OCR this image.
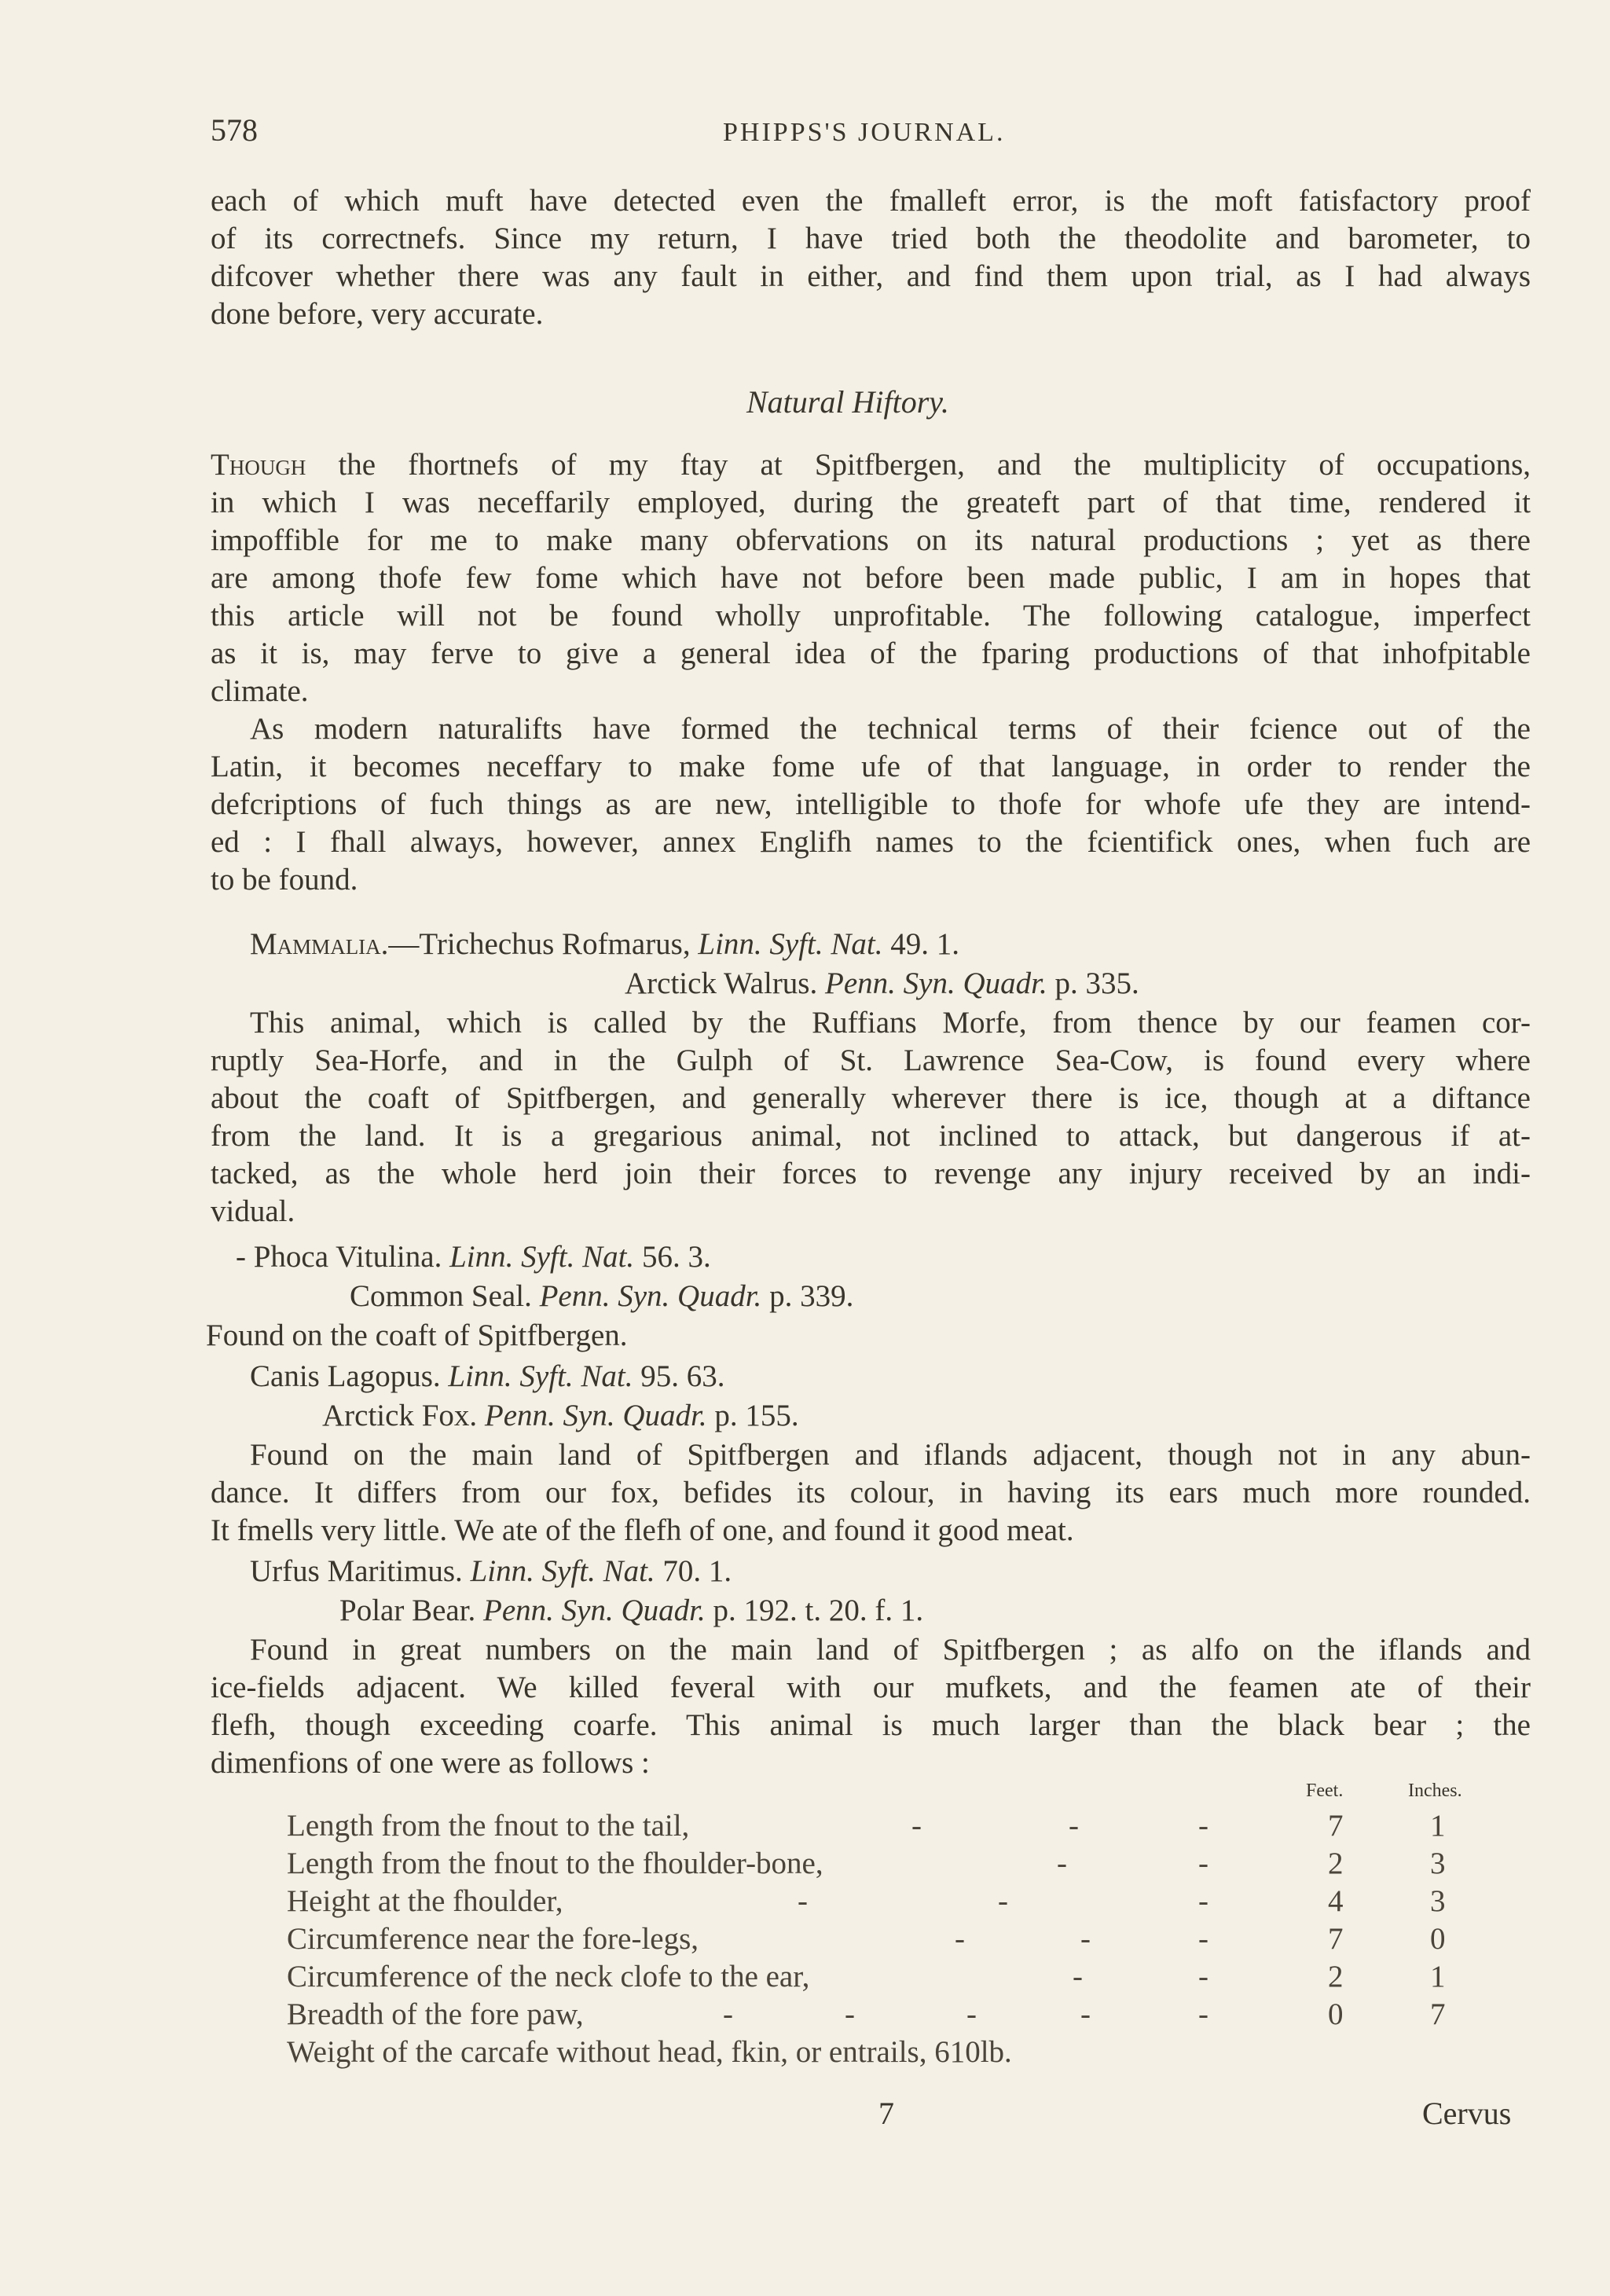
578	PHIPPS'S JOURNAL.
each of which muft have detected even the fmalleft error, is the moft fatisfactory proof
of its correctnefs. Since my return, I have tried both the theodolite and barometer, to
difcover whether there was any fault in either, and find them upon trial, as I had always
done before, very accurate.
Natural Hiftory.
Though the fhortnefs of my ftay at Spitfbergen, and the multiplicity of occupations,
in which I was neceffarily employed, during the greateft part of that time, rendered it
impoffible for me to make many obfervations on its natural productions ; yet as there
are among thofe few fome which have not before been made public, I am in hopes that
this article will not be found wholly unprofitable. The following catalogue, imperfect
as it is, may ferve to give a general idea of the fparing productions of that inhofpitable
climate.
As modern naturalifts have formed the technical terms of their fcience out of the
Latin, it becomes neceffary to make fome ufe of that language, in order to render the
defcriptions of fuch things as are new, intelligible to thofe for whofe ufe they are intend-
ed : I fhall always, however, annex Englifh names to the fcientifick ones, when fuch are
to be found.
Mammalia.—Trichechus Rofmarus, Linn. Syft. Nat. 49. 1.
Arctick Walrus. Penn. Syn. Quadr. p. 335.
This animal, which is called by the Ruffians Morfe, from thence by our feamen cor-
ruptly Sea-Horfe, and in the Gulph of St. Lawrence Sea-Cow, is found every where
about the coaft of Spitfbergen, and generally wherever there is ice, though at a diftance
from the land. It is a gregarious animal, not inclined to attack, but dangerous if at-
tacked, as the whole herd join their forces to revenge any injury received by an indi-
vidual.
- Phoca Vitulina. Linn. Syft. Nat. 56. 3.
Common Seal. Penn. Syn. Quadr. p. 339.
Found on the coaft of Spitfbergen.
Canis Lagopus. Linn. Syft. Nat. 95. 63.
Arctick Fox. Penn. Syn. Quadr. p. 155.
Found on the main land of Spitfbergen and iflands adjacent, though not in any abun-
dance. It differs from our fox, befides its colour, in having its ears much more rounded.
It fmells very little. We ate of the flefh of one, and found it good meat.
Urfus Maritimus. Linn. Syft. Nat. 70. 1.
Polar Bear. Penn. Syn. Quadr. p. 192. t. 20. f. 1.
Found in great numbers on the main land of Spitfbergen ; as alfo on the iflands and
ice-fields adjacent. We killed feveral with our mufkets, and the feamen ate of their
flefh, though exceeding coarfe. This animal is much larger than the black bear ; the
dimenfions of one were as follows :
Feet.	Inches.
Length from the fnout to the tail,	-	-	-	7	1
Length from the fnout to the fhoulder-bone,	-	-	2	3
Height at the fhoulder,	-	-	-	4	3
Circumference near the fore-legs,	-	-	-	7	0
Circumference of the neck clofe to the ear,	-	-	2	1
Breadth of the fore paw,	-	-	-	-	-	0	7
Weight of the carcafe without head, fkin, or entrails, 610lb.
7	Cervus
